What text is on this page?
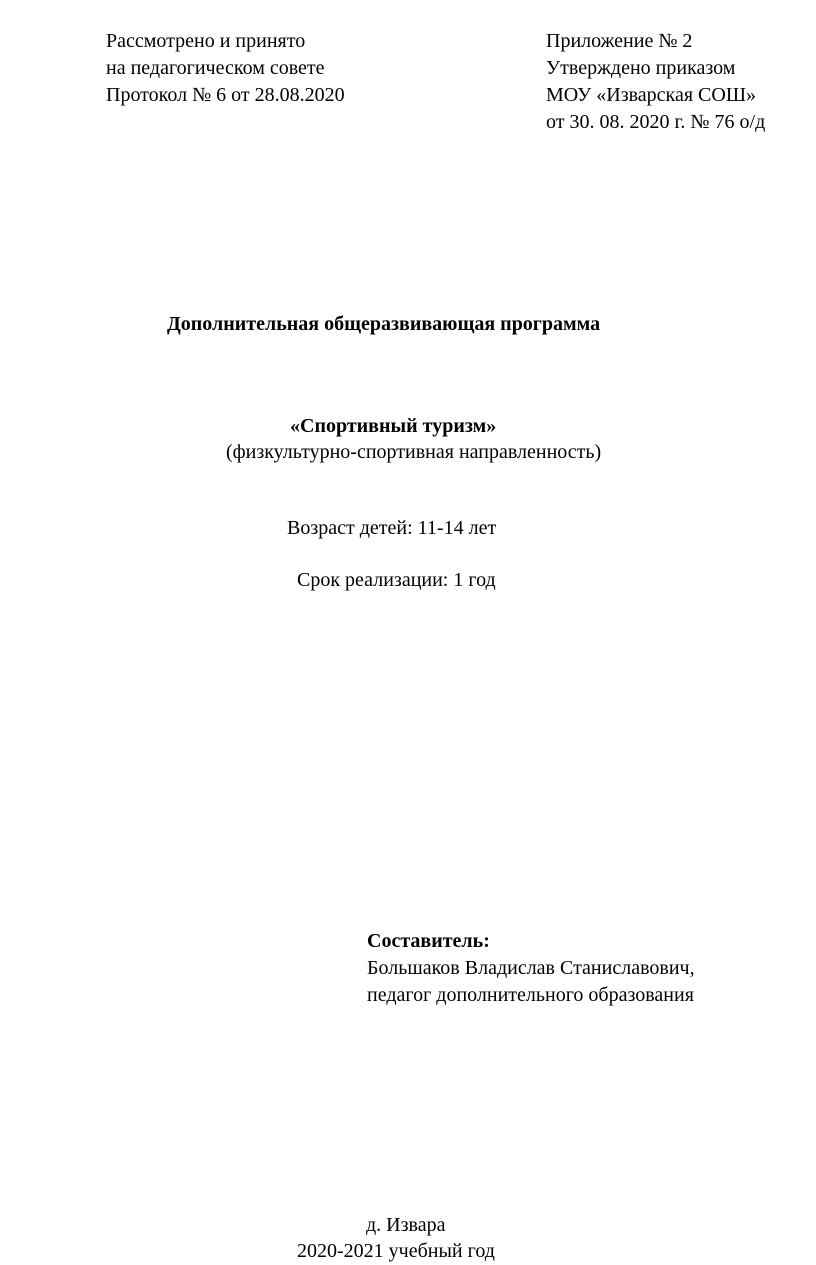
Рассмотрено и принято
на педагогическом совете
Протокол № 6 от 28.08.2020
Приложение № 2
Утверждено приказом
МОУ «Изварская СОШ»
от 30. 08. 2020 г. № 76 о/д
Дополнительная общеразвивающая программа
«Спортивный туризм»
(физкультурно-спортивная направленность)
Возраст детей: 11-14 лет
Срок реализации: 1 год
Составитель:
Большаков Владислав Станиславович,
педагог дополнительного образования
д. Извара
2020-2021 учебный год
